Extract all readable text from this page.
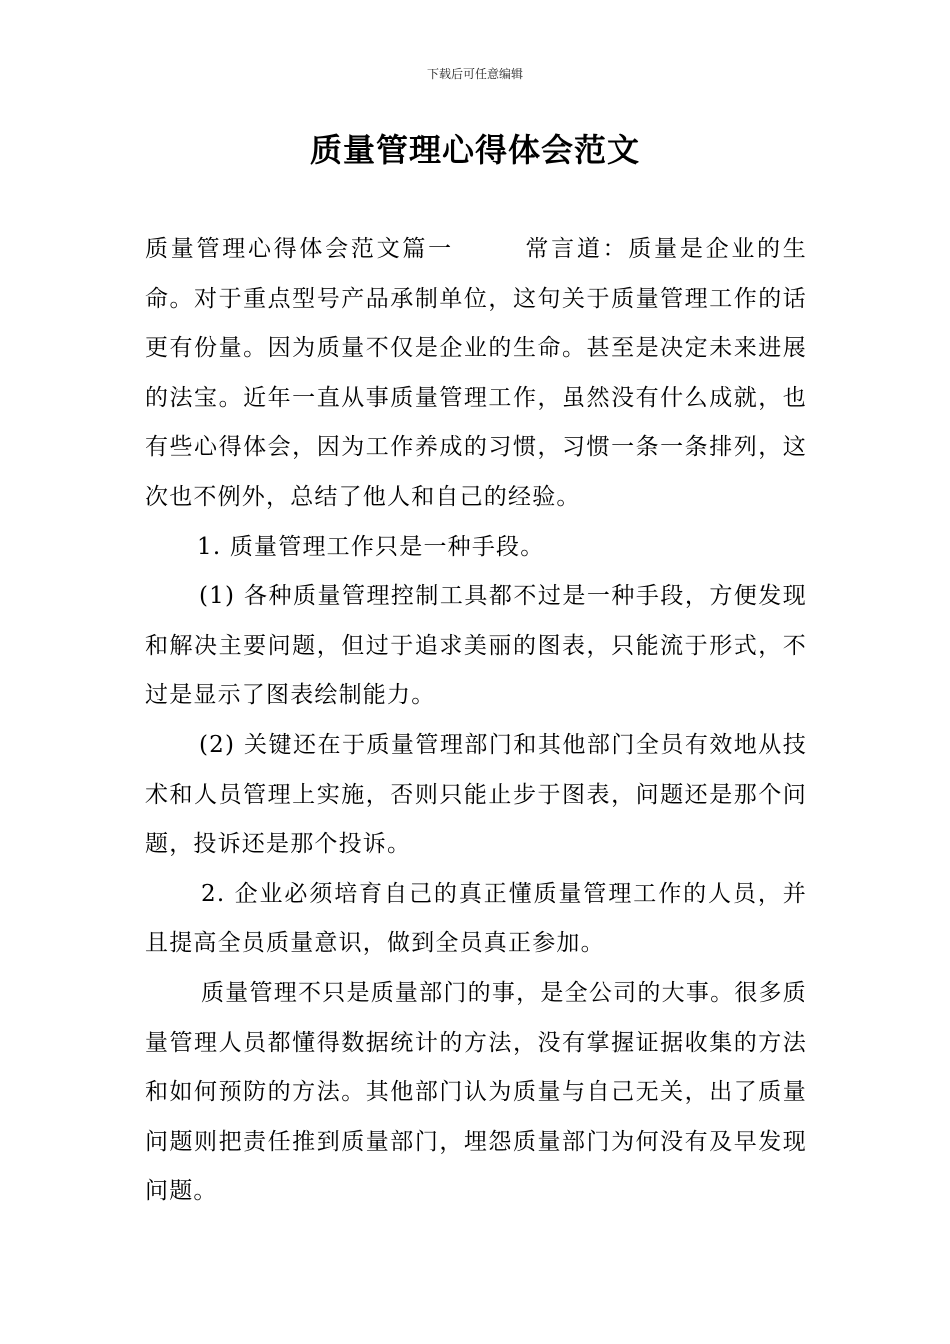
下载后可任意编辑
质量管理心得体会范文

质量管理心得体会范文篇一	常言道：质量是企业的生命。对于重点型号产品承制单位，这句关于质量管理工作的话更有份量。因为质量不仅是企业的生命。甚至是决定未来进展的法宝。近年一直从事质量管理工作，虽然没有什么成就，也有些心得体会，因为工作养成的习惯，习惯一条一条排列，这次也不例外，总结了他人和自己的经验。

1. 质量管理工作只是一种手段。

(1) 各种质量管理控制工具都不过是一种手段，方便发现和解决主要问题，但过于追求美丽的图表，只能流于形式，不过是显示了图表绘制能力。

(2) 关键还在于质量管理部门和其他部门全员有效地从技术和人员管理上实施，否则只能止步于图表，问题还是那个问题，投诉还是那个投诉。

2. 企业必须培育自己的真正懂质量管理工作的人员，并且提高全员质量意识，做到全员真正参加。

质量管理不只是质量部门的事，是全公司的大事。很多质量管理人员都懂得数据统计的方法，没有掌握证据收集的方法和如何预防的方法。其他部门认为质量与自己无关，出了质量问题则把责任推到质量部门，埋怨质量部门为何没有及早发现问题。
